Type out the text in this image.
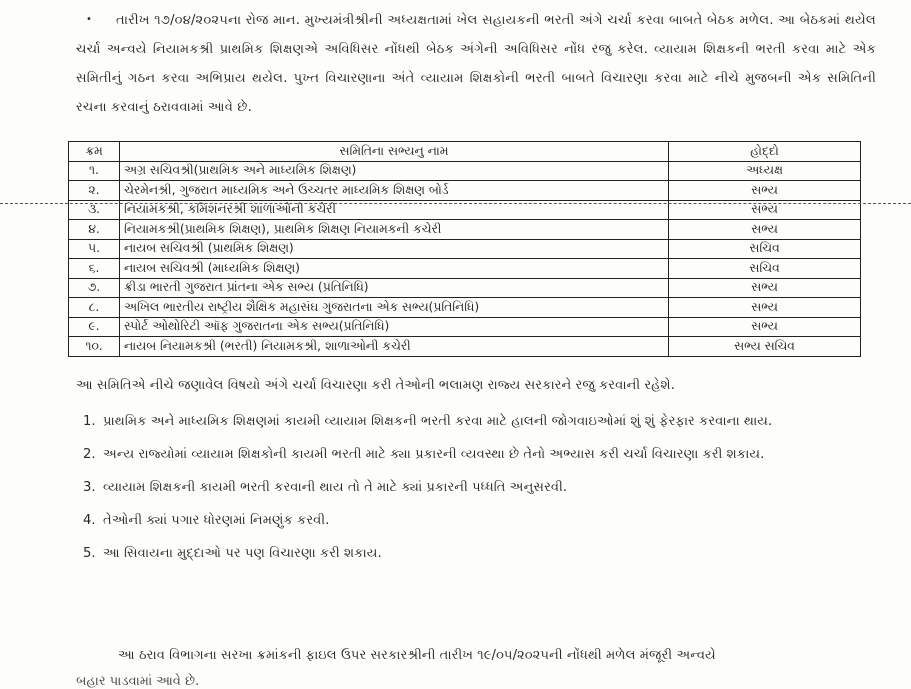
•	તારીખ ૧૭/૦૪/૨૦૨૫ના રોજ માન. મુખ્યમંત્રીશ્રીની અધ્યક્ષતામાં ખેલ સહાયકની ભરતી અંગે ચર્ચા કરવા બાબતે બેઠક મળેલ. આ બેઠકમાં થયેલ ચર્ચા અન્વયે નિયામકશ્રી પ્રાથમિક શિક્ષણએ અવિધિસર નોંધથી બેઠક અંગેની અવિધિસર નોંધ રજુ કરેલ. વ્યાયામ શિક્ષકની ભરતી કરવા માટે એક સમિતીનું ગઠન કરવા અભિપ્રાય થયેલ. પુખ્ત વિચારણાના અંતે વ્યાયામ શિક્ષકોની ભરતી બાબતે વિચારણા કરવા માટે નીચે મુજબની એક સમિતિની રચના કરવાનું ઠરાવવામાં આવે છે.
ક્રમ	સમિતિના સભ્યનુ નામ	હોદ્દો
૧.	અગ્ર સચિવશ્રી(પ્રાથમિક અને માધ્યમિક શિક્ષણ)	અધ્યક્ષ
૨.	ચેરમેનશ્રી, ગુજરાત માધ્યમિક અને ઉચ્ચતર માધ્યમિક શિક્ષણ બોર્ડ	સભ્ય
૩.	નિયામકશ્રી, કમિશનરશ્રી શાળાઓની કચેરી	સભ્ય
૪.	નિયામકશ્રી(પ્રાથમિક શિક્ષણ), પ્રાથમિક શિક્ષણ નિયામકની કચેરી	સભ્ય
૫.	નાયબ સચિવશ્રી (પ્રાથમિક શિક્ષણ)	સચિવ
૬.	નાયબ સચિવશ્રી (માધ્યમિક શિક્ષણ)	સચિવ
૭.	ક્રીડા ભારતી ગુજરાત પ્રાંતના એક સભ્ય (પ્રતિનિધિ)	સભ્ય
૮.	અખિલ ભારતીય રાષ્ટ્રીય શૈક્ષિક મહાસંઘ ગુજરાતના એક સભ્ય(પ્રતિનિધિ)	સભ્ય
૯.	સ્પોર્ટ ઓથોરિટી ઑફ ગુજરાતના એક સભ્ય(પ્રતિનિધિ)	સભ્ય
૧૦.	નાયબ નિયામકશ્રી (ભરતી) નિયામકશ્રી, શાળાઓની કચેરી	સભ્ય સચિવ
આ સમિતિએ નીચે જણાવેલ વિષયો અંગે ચર્ચા વિચારણા કરી તેઓની ભલામણ રાજ્ય સરકારને રજુ કરવાની રહેશે.
1. પ્રાથમિક અને માધ્યમિક શિક્ષણમાં કાયમી વ્યાયામ શિક્ષકની ભરતી કરવા માટે હાલની જોગવાઇઓમાં શું શું ફેરફાર કરવાના થાય.
2. અન્ય રાજ્યોમાં વ્યાયામ શિક્ષકોની કાયમી ભરતી માટે ક્યા પ્રકારની વ્યવસ્થા છે તેનો અભ્યાસ કરી ચર્ચા વિચારણા કરી શકાય.
3. વ્યાયામ શિક્ષકની કાયમી ભરતી કરવાની થાય તો તે માટે ક્યાં પ્રકારની પધ્ધતિ અનુસરવી.
4. તેઓની ક્યાં પગાર ધોરણમાં નિમણુંક કરવી.
5. આ સિવાયના મુદ્દાઓ પર પણ વિચારણા કરી શકાય.
આ ઠરાવ વિભાગના સરખા ક્રમાંકની ફાઇલ ઉપર સરકારશ્રીની તારીખ ૧૯/૦૫/૨૦૨૫ની નોંધથી મળેલ મંજૂરી અન્વયે
બહાર પાડવામાં આવે છે.
